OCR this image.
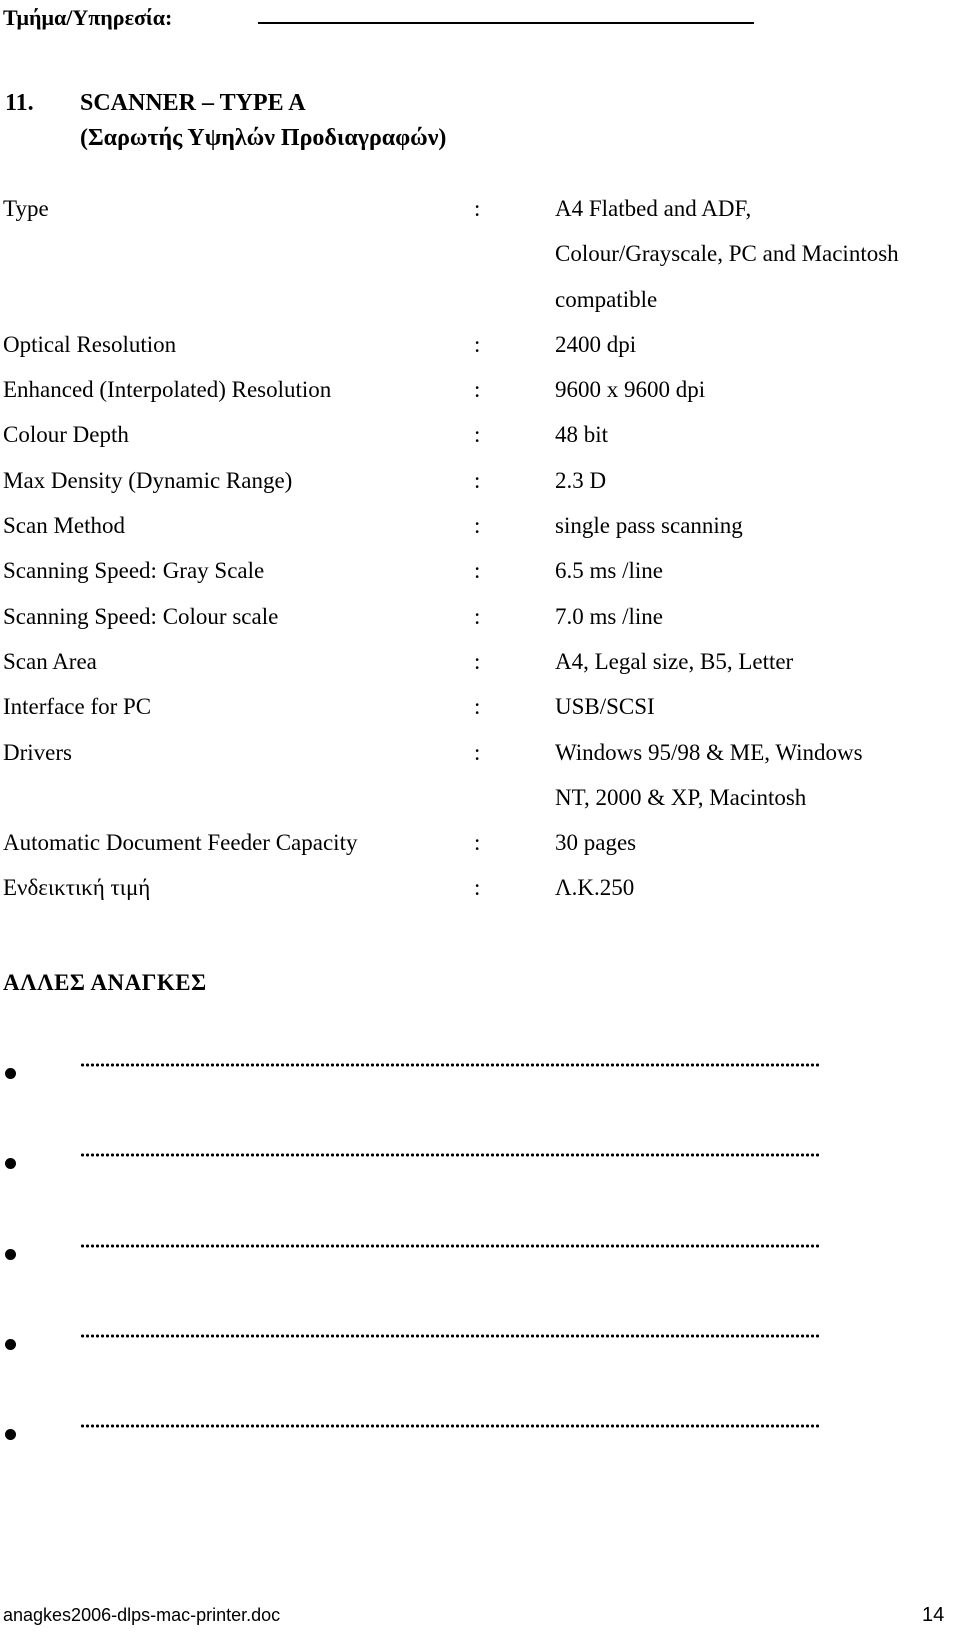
Τμήμα/Υπηρεσία:
11. SCANNER – TYPE A
(Σαρωτής Υψηλών Προδιαγραφών)
Type	:	A4 Flatbed and ADF,
Colour/Grayscale, PC and Macintosh
compatible
Optical Resolution	:	2400 dpi
Enhanced (Interpolated) Resolution	:	9600 x 9600 dpi
Colour Depth	:	48 bit
Max Density (Dynamic Range)	:	2.3 D
Scan Method	:	single pass scanning
Scanning Speed: Gray Scale	:	6.5 ms /line
Scanning Speed: Colour scale	:	7.0 ms /line
Scan Area	:	A4, Legal size, B5, Letter
Interface for PC	:	USB/SCSI
Drivers	:	Windows 95/98 & ME, Windows
NT, 2000 & XP, Macintosh
Automatic Document Feeder Capacity	:	30 pages
Ενδεικτική τιμή	:	Λ.Κ.250
ΑΛΛΕΣ ΑΝΑΓΚΕΣ
anagkes2006-dlps-mac-printer.doc	14
